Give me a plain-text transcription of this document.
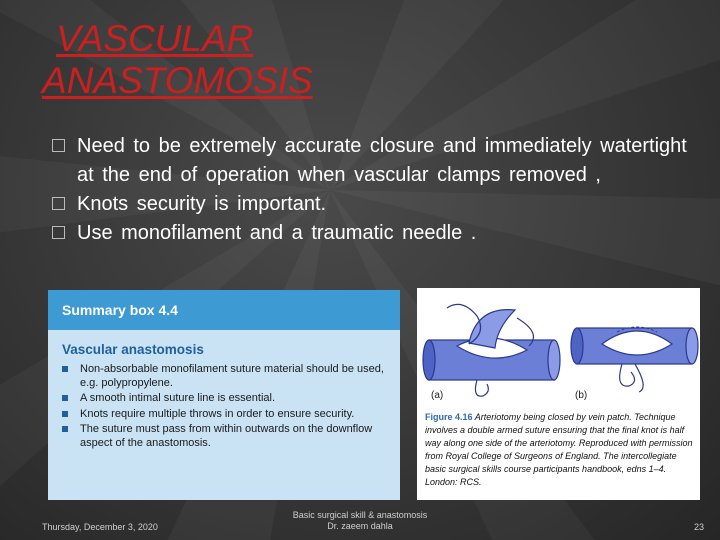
VASCULAR
ANASTOMOSIS
Need to be extremely accurate closure and immediately watertight at the end of operation when vascular clamps removed ,
Knots security is important.
Use monofilament and a traumatic needle .
Summary box 4.4
Vascular anastomosis
Non-absorbable monofilament suture material should be used, e.g. polypropylene.
A smooth intimal suture line is essential.
Knots require multiple throws in order to ensure security.
The suture must pass from within outwards on the downflow aspect of the anastomosis.
(a)	(b)
Figure 4.16 Arteriotomy being closed by vein patch. Technique involves a double armed suture ensuring that the final knot is half way along one side of the arteriotomy. Reproduced with permission from Royal College of Surgeons of England. The intercollegiate basic surgical skills course participants handbook, edns 1–4. London: RCS.
Thursday, December 3, 2020
Basic surgical skill & anastomosis
Dr. zaeem dahla	23
